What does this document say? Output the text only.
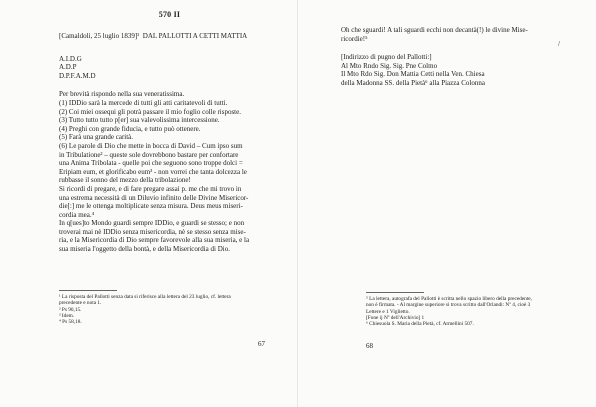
570 II
[Camaldoli, 25 luglio 1839]¹  DAL PALLOTTI A CETTI MATTIA
A.I.D.G
A.D.P
D.P.F.A.M.D
Per brevità rispondo nella sua veneratissima.
(1) IDDio sarà la mercede di tutti gli atti caritatevoli di tutti.
(2) Coi miei ossequi gli potrà passare il mio foglio colle risposte.
(3) Tutto tutto tutto p[er] sua valevolissima intercessione.
(4) Preghi con grande fiducia, e tutto può ottenere.
(5) Farà una grande carità.
(6) Le parole di Dio che mette in bocca di David – Cum ipso sum
in Tribulatione² – queste sole dovrebbono bastare per confortare
una Anima Tribolata - quelle poi che seguono sono troppe dolci =
Eripiam eum, et glorificabo eum³ - non vorrei che tanta dolcezza le
rubbasse il sonno del mezzo della tribolazione!
Si ricordi di pregare, e di fare pregare assai p. me che mi trovo in
una estrema necessità di un Diluvio infinito delle Divine Misericor-
die[:] me le ottenga moltiplicate senza misura. Deus meus miseri-
cordia mea.⁴
In q[ues]to Mondo guardi sempre IDDio, e guardi se stesso; e non
troverai mai nè IDDio senza misericordia, nè se stesso senza mise-
ria, e la Misericordia di Dio sempre favorevole alla sua miseria, e la
sua miseria l'oggetto della bontà, e della Misericordia di Dio.
¹ La risposta del Pallotti senza data si riferisce alla lettera del 23 luglio, cf. lettera
precedente e nota 1.
² Ps 90,15.
³ Idem.
⁴ Ps 58,18.
67
Oh che sguardi! A tali sguardi ecchi non decantà(!) le divine Mise-
ricordie!⁵
[Indirizzo di pugno del Pallotti:]
Al Mto Rndo Sig. Sig. Pne Colmo
Il Mto Rdo Sig. Don Mattia Cetti nella Ven. Chiesa
della Madonna SS. della Pietà⁶ alla Piazza Colonna
/
⁵ La lettera, autografa del Pallotti è scritta nello spazio libero della precedente,
non è firmata. - Al margine superiore si trova scritto dall'Orlandi: Nº 4, cioè 3
Lettere e 1 Viglietto.
[Fone ij Nº dell'Archivio] 1
⁶ Chiesuola S. Maria della Pietà, cf. Armellini 507.
68
